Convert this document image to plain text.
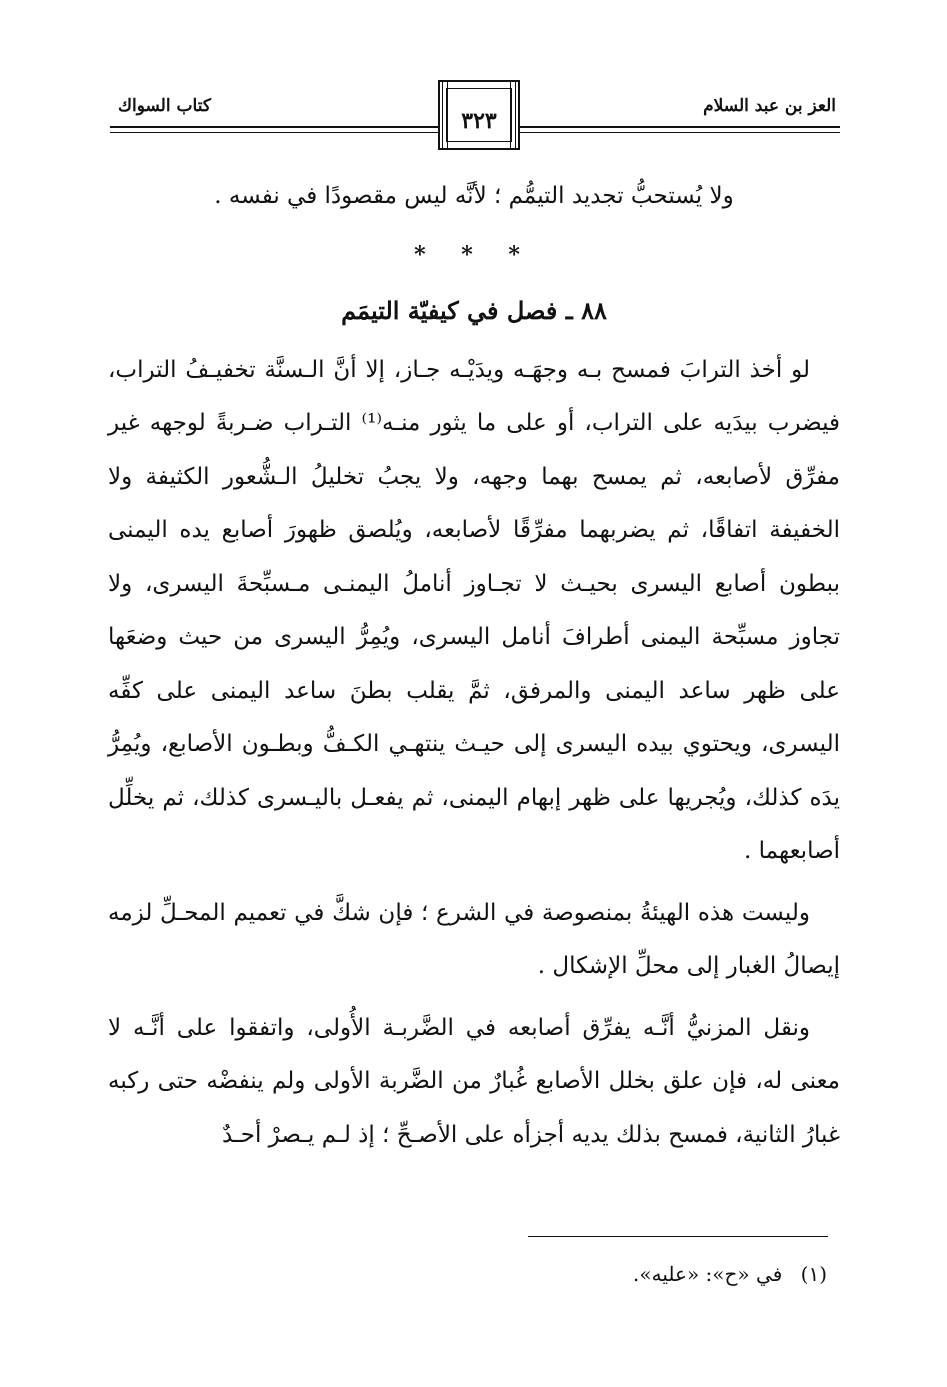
كتاب السواك	العز بن عبد السلام
٣٢٣

ولا يُستحبُّ تجديد التيمُّم ؛ لأنَّه ليس مقصودًا في نفسه .

* * *
٨٨ ـ فصل في كيفيّة التيمَم

لو أخذ الترابَ فمسح بـه وجهَـه ويدَيْـه جـاز، إلا أنَّ الـسنَّة تخفيـفُ التراب، فيضرب بيدَيه على التراب، أو على ما يثور منـه⁽¹⁾ التـراب ضـربةً لوجهه غير مفرِّق لأصابعه، ثم يمسح بهما وجهه، ولا يجبُ تخليلُ الـشُّعور الكثيفة ولا الخفيفة اتفاقًا، ثم يضربهما مفرِّقًا لأصابعه، ويُلصق ظهورَ أصابع يده اليمنى ببطون أصابع اليسرى بحيـث لا تجـاوز أناملُ اليمنـى مـسبِّحةَ اليسرى، ولا تجاوز مسبِّحة اليمنى أطرافَ أنامل اليسرى، ويُمِرُّ اليسرى من حيث وضعَها على ظهر ساعد اليمنى والمرفق، ثمَّ يقلب بطنَ ساعد اليمنى على كفِّه اليسرى، ويحتوي بيده اليسرى إلى حيـث ينتهـي الكـفُّ وبطـون الأصابع، ويُمِرُّ يدَه كذلك، ويُجريها على ظهر إبهام اليمنى، ثم يفعـل باليـسرى كذلك، ثم يخلِّل أصابعهما .

وليست هذه الهيئةُ بمنصوصة في الشرع ؛ فإن شكَّ في تعميم المحـلِّ لزمه إيصالُ الغبار إلى محلِّ الإشكال .

ونقل المزنيُّ أنَّـه يفرِّق أصابعه في الضَّربـة الأُولى، واتفقوا على أنَّـه لا معنى له، فإن علق بخلل الأصابع غُبارٌ من الضَّربة الأولى ولم ينفضْه حتى ركبه غبارُ الثانية، فمسح بذلك يديه أجزأه على الأصـحِّ ؛ إذ لـم يـصرْ أحـدٌ

(١) في «ح»: «عليه».
